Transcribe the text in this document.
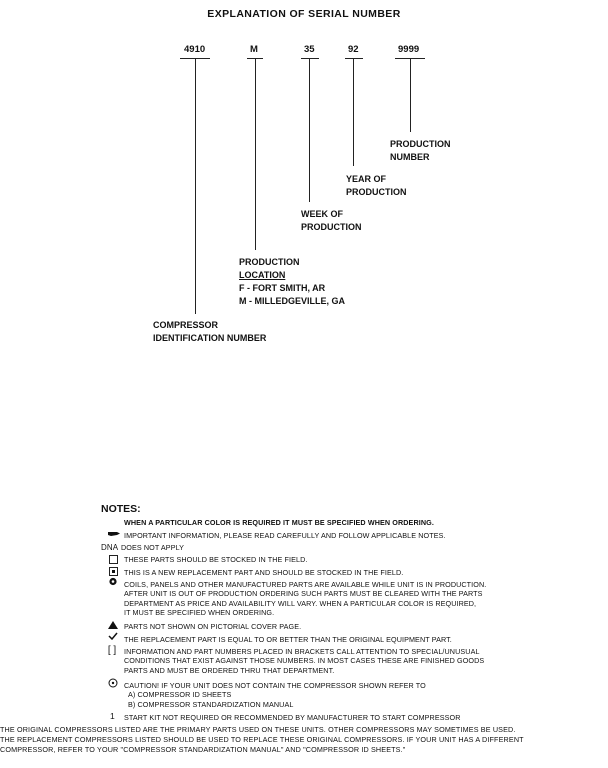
EXPLANATION OF SERIAL NUMBER
4910	M	35	92	9999
PRODUCTION
NUMBER
YEAR OF
PRODUCTION
WEEK OF
PRODUCTION
PRODUCTION
LOCATION
F - FORT SMITH, AR
M - MILLEDGEVILLE, GA
COMPRESSOR
IDENTIFICATION NUMBER
NOTES:
WHEN A PARTICULAR COLOR IS REQUIRED IT MUST BE SPECIFIED WHEN ORDERING.
IMPORTANT INFORMATION, PLEASE READ CAREFULLY AND FOLLOW APPLICABLE NOTES.
DNA DOES NOT APPLY
THESE PARTS SHOULD BE STOCKED IN THE FIELD.
THIS IS A NEW REPLACEMENT PART AND SHOULD BE STOCKED IN THE FIELD.
COILS, PANELS AND OTHER MANUFACTURED PARTS ARE AVAILABLE WHILE UNIT IS IN PRODUCTION.
AFTER UNIT IS OUT OF PRODUCTION ORDERING SUCH PARTS MUST BE CLEARED WITH THE PARTS
DEPARTMENT AS PRICE AND AVAILABILITY WILL VARY. WHEN A PARTICULAR COLOR IS REQUIRED,
IT MUST BE SPECIFIED WHEN ORDERING.
PARTS NOT SHOWN ON PICTORIAL COVER PAGE.
THE REPLACEMENT PART IS EQUAL TO OR BETTER THAN THE ORIGINAL EQUIPMENT PART.
[ ] INFORMATION AND PART NUMBERS PLACED IN BRACKETS CALL ATTENTION TO SPECIAL/UNUSUAL
CONDITIONS THAT EXIST AGAINST THOSE NUMBERS. IN MOST CASES THESE ARE FINISHED GOODS
PARTS AND MUST BE ORDERED THRU THAT DEPARTMENT.
CAUTION! IF YOUR UNIT DOES NOT CONTAIN THE COMPRESSOR SHOWN REFER TO
A) COMPRESSOR ID SHEETS
B) COMPRESSOR STANDARDIZATION MANUAL
1 START KIT NOT REQUIRED OR RECOMMENDED BY MANUFACTURER TO START COMPRESSOR
THE ORIGINAL COMPRESSORS LISTED ARE THE PRIMARY PARTS USED ON THESE UNITS. OTHER COMPRESSORS MAY SOMETIMES BE USED.
THE REPLACEMENT COMPRESSORS LISTED SHOULD BE USED TO REPLACE THESE ORIGINAL COMPRESSORS. IF YOUR UNIT HAS A DIFFERENT
COMPRESSOR, REFER TO YOUR "COMPRESSOR STANDARDIZATION MANUAL" AND "COMPRESSOR ID SHEETS."
